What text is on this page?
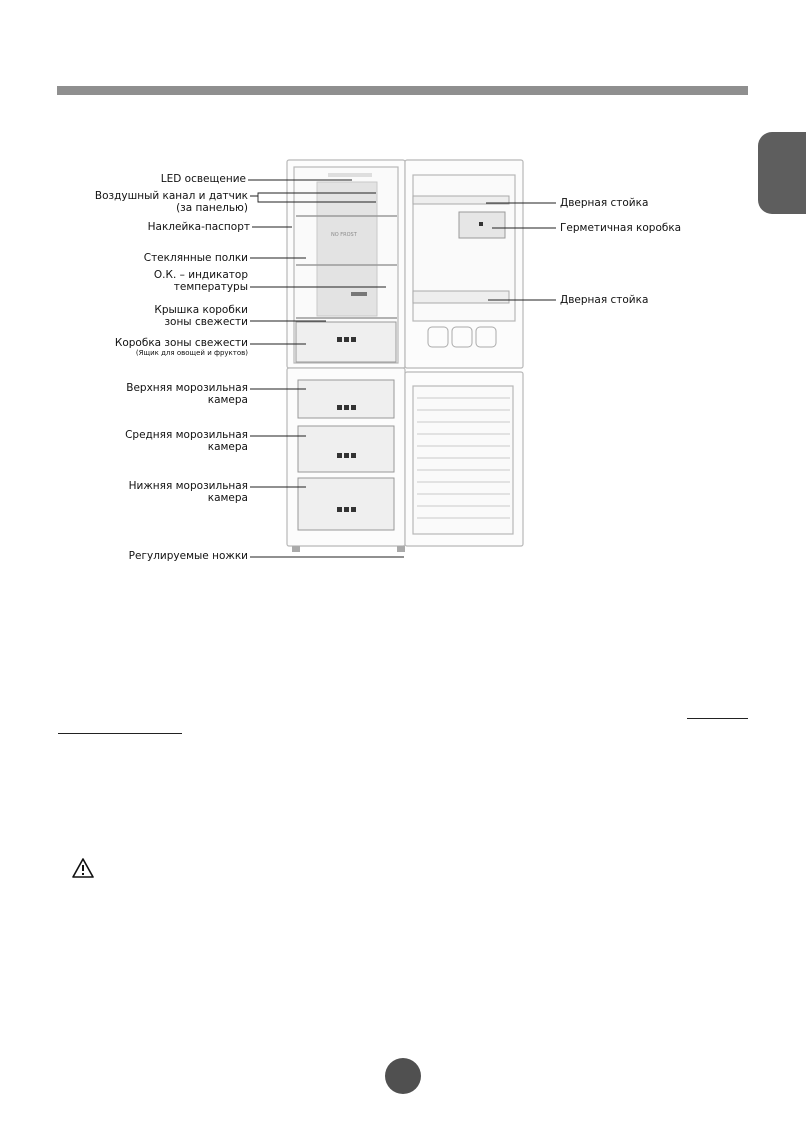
NO FROST
LED освещение
Воздушный канал и датчик
(за панелью)
Наклейка-паспорт
Стеклянные полки
О.К. – индикатор
температуры
Крышка коробки
зоны свежести
Коробка зоны свежести
(Ящик для овощей и фруктов)
Верхняя морозильная
камера
Средняя морозильная
камера
Нижняя морозильная
камера
Регулируемые ножки
Дверная стойка
Герметичная коробка
Дверная стойка
